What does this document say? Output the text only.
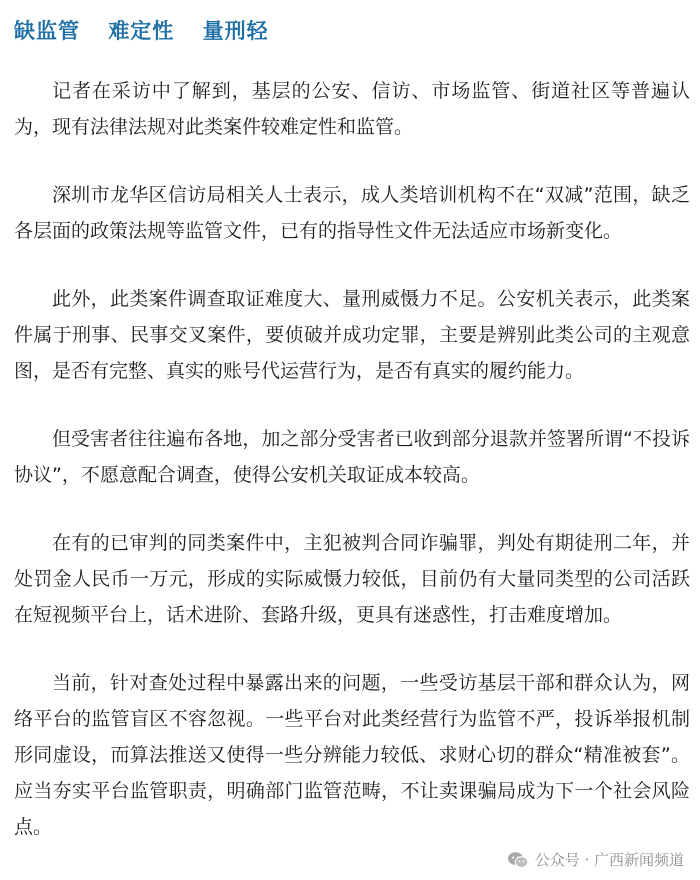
缺监管 难定性 量刑轻

记者在采访中了解到，基层的公安、信访、市场监管、街道社区等普遍认为，现有法律法规对此类案件较难定性和监管。

深圳市龙华区信访局相关人士表示，成人类培训机构不在“双减”范围，缺乏各层面的政策法规等监管文件，已有的指导性文件无法适应市场新变化。

此外，此类案件调查取证难度大、量刑威慑力不足。公安机关表示，此类案件属于刑事、民事交叉案件，要侦破并成功定罪，主要是辨别此类公司的主观意图，是否有完整、真实的账号代运营行为，是否有真实的履约能力。

但受害者往往遍布各地，加之部分受害者已收到部分退款并签署所谓“不投诉协议”，不愿意配合调查，使得公安机关取证成本较高。

在有的已审判的同类案件中，主犯被判合同诈骗罪，判处有期徒刑二年，并处罚金人民币一万元，形成的实际威慑力较低，目前仍有大量同类型的公司活跃在短视频平台上，话术进阶、套路升级，更具有迷惑性，打击难度增加。

当前，针对查处过程中暴露出来的问题，一些受访基层干部和群众认为，网络平台的监管盲区不容忽视。一些平台对此类经营行为监管不严，投诉举报机制形同虚设，而算法推送又使得一些分辨能力较低、求财心切的群众“精准被套”。应当夯实平台监管职责，明确部门监管范畴，不让卖课骗局成为下一个社会风险点。

公众号 · 广西新闻频道
